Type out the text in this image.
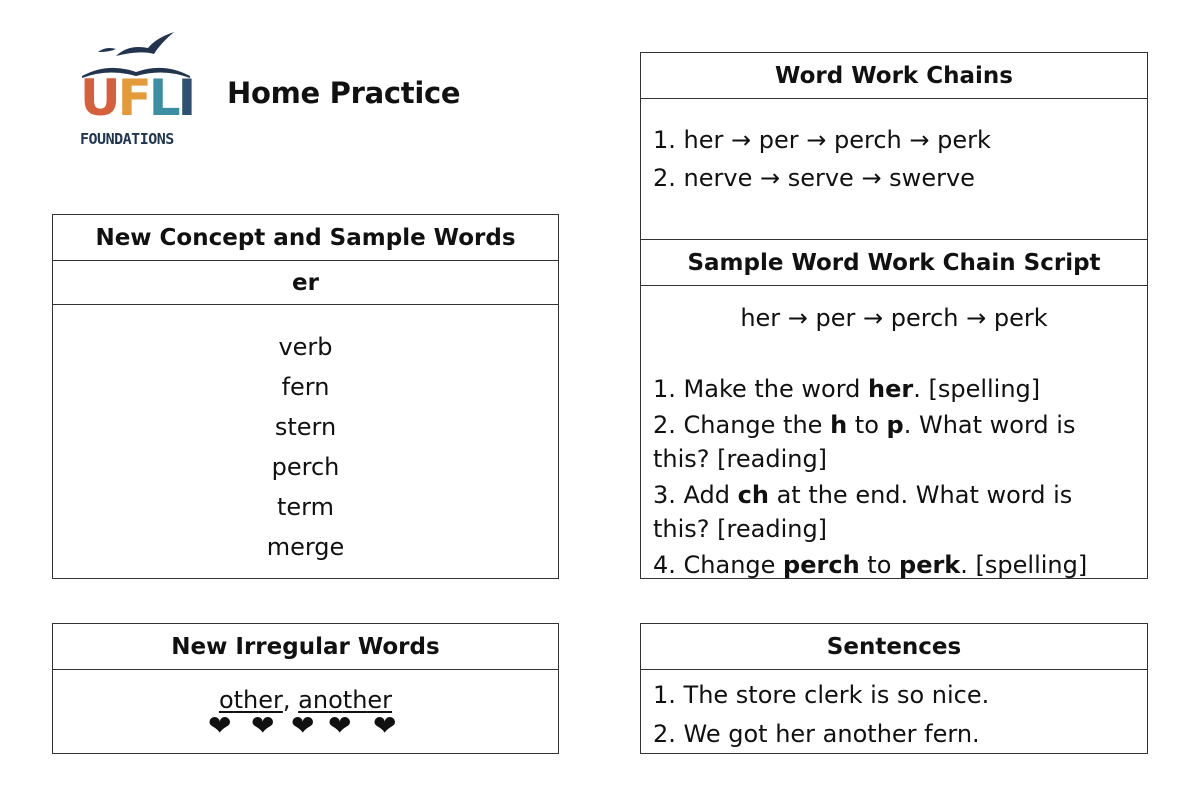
UFLI
FOUNDATIONS
Home Practice
New Concept and Sample Words
er
verb
fern
stern
perch
term
merge
New Irregular Words
other, another
❤ ❤ ❤ ❤ ❤
Word Work Chains
1. her → per → perch → perk
2. nerve → serve → swerve
Sample Word Work Chain Script
her → per → perch → perk
1. Make the word her. [spelling]
2. Change the h to p. What word is this? [reading]
3. Add ch at the end. What word is this? [reading]
4. Change perch to perk. [spelling]
Sentences
1. The store clerk is so nice.
2. We got her another fern.
